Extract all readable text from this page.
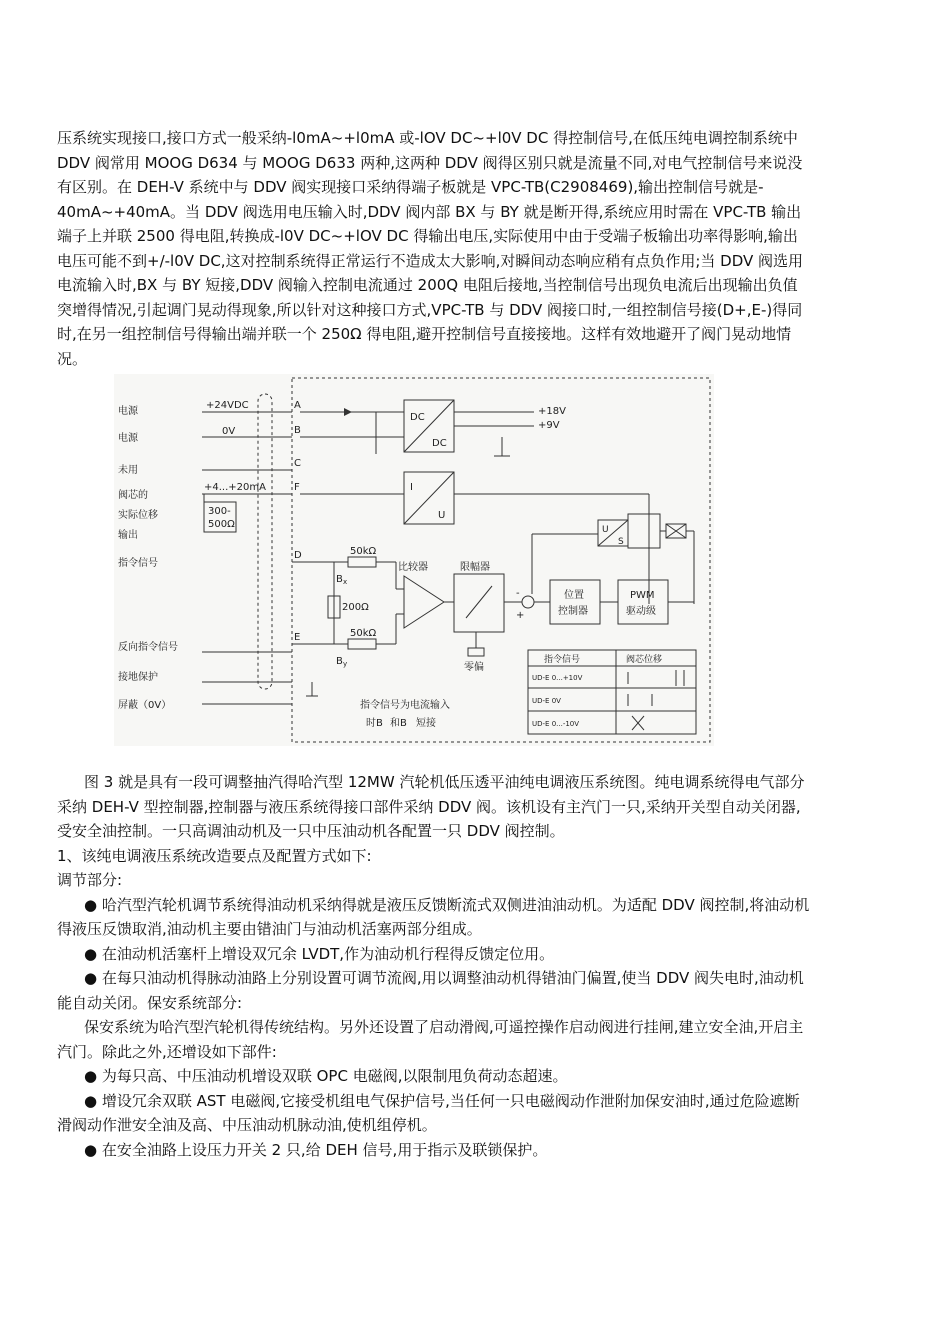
压系统实现接口,接口方式一般采纳-l0mA~+l0mA 或-lOV DC~+l0V DC 得控制信号,在低压纯电调控制系统中
DDV 阀常用 MOOG D634 与 MOOG D633 两种,这两种 DDV 阀得区别只就是流量不同,对电气控制信号来说没
有区别。在 DEH-V 系统中与 DDV 阀实现接口采纳得端子板就是 VPC-TB(C2908469),输出控制信号就是-
40mA~+40mA。当 DDV 阀选用电压输入时,DDV 阀内部 BX 与 BY 就是断开得,系统应用时需在 VPC-TB 输出
端子上并联 2500 得电阻,转换成-l0V DC~+lOV DC 得输出电压,实际使用中由于受端子板输出功率得影响,输出
电压可能不到+/-l0V DC,这对控制系统得正常运行不造成太大影响,对瞬间动态响应稍有点负作用;当 DDV 阀选用
电流输入时,BX 与 BY 短接,DDV 阀输入控制电流通过 200Q 电阻后接地,当控制信号出现负电流后出现输出负值
突增得情况,引起调门晃动得现象,所以针对这种接口方式,VPC-TB 与 DDV 阀接口时,一组控制信号接(D+,E-)得同
时,在另一组控制信号得输出端并联一个 250Ω 得电阻,避开控制信号直接接地。这样有效地避开了阀门晃动地情
况。
电源
电源
未用
阀芯的
实际位移
输出
指令信号
反向指令信号
接地保护
屏蔽（0V）
A
B
C
F
D
E
+24VDC
0V
+4...+20mA
300-
500Ω
50kΩ
50kΩ
200Ω
B x
B y
比较器	限幅器
零偏
DC
DC
+18V
+9V
I
U
U
S
位置
控制器
PWM
驱动级
-
+
指令信号	阀芯位移
UD-E 0...+10V
UD-E 0V
UD-E 0...-10V
指令信号为电流输入
时B 和B 短接
图 3 就是具有一段可调整抽汽得哈汽型 12MW 汽轮机低压透平油纯电调液压系统图。纯电调系统得电气部分
采纳 DEH-V 型控制器,控制器与液压系统得接口部件采纳 DDV 阀。该机设有主汽门一只,采纳开关型自动关闭器,
受安全油控制。一只高调油动机及一只中压油动机各配置一只 DDV 阀控制。
1、该纯电调液压系统改造要点及配置方式如下:
调节部分:
● 哈汽型汽轮机调节系统得油动机采纳得就是液压反馈断流式双侧进油油动机。为适配 DDV 阀控制,将油动机
得液压反馈取消,油动机主要由错油门与油动机活塞两部分组成。
● 在油动机活塞杆上增设双冗余 LVDT,作为油动机行程得反馈定位用。
● 在每只油动机得脉动油路上分别设置可调节流阀,用以调整油动机得错油门偏置,使当 DDV 阀失电时,油动机
能自动关闭。保安系统部分:
保安系统为哈汽型汽轮机得传统结构。另外还设置了启动滑阀,可遥控操作启动阀进行挂闸,建立安全油,开启主
汽门。除此之外,还增设如下部件:
● 为每只高、中压油动机增设双联 OPC 电磁阀,以限制甩负荷动态超速。
● 增设冗余双联 AST 电磁阀,它接受机组电气保护信号,当任何一只电磁阀动作泄附加保安油时,通过危险遮断
滑阀动作泄安全油及高、中压油动机脉动油,使机组停机。
● 在安全油路上设压力开关 2 只,给 DEH 信号,用于指示及联锁保护。
